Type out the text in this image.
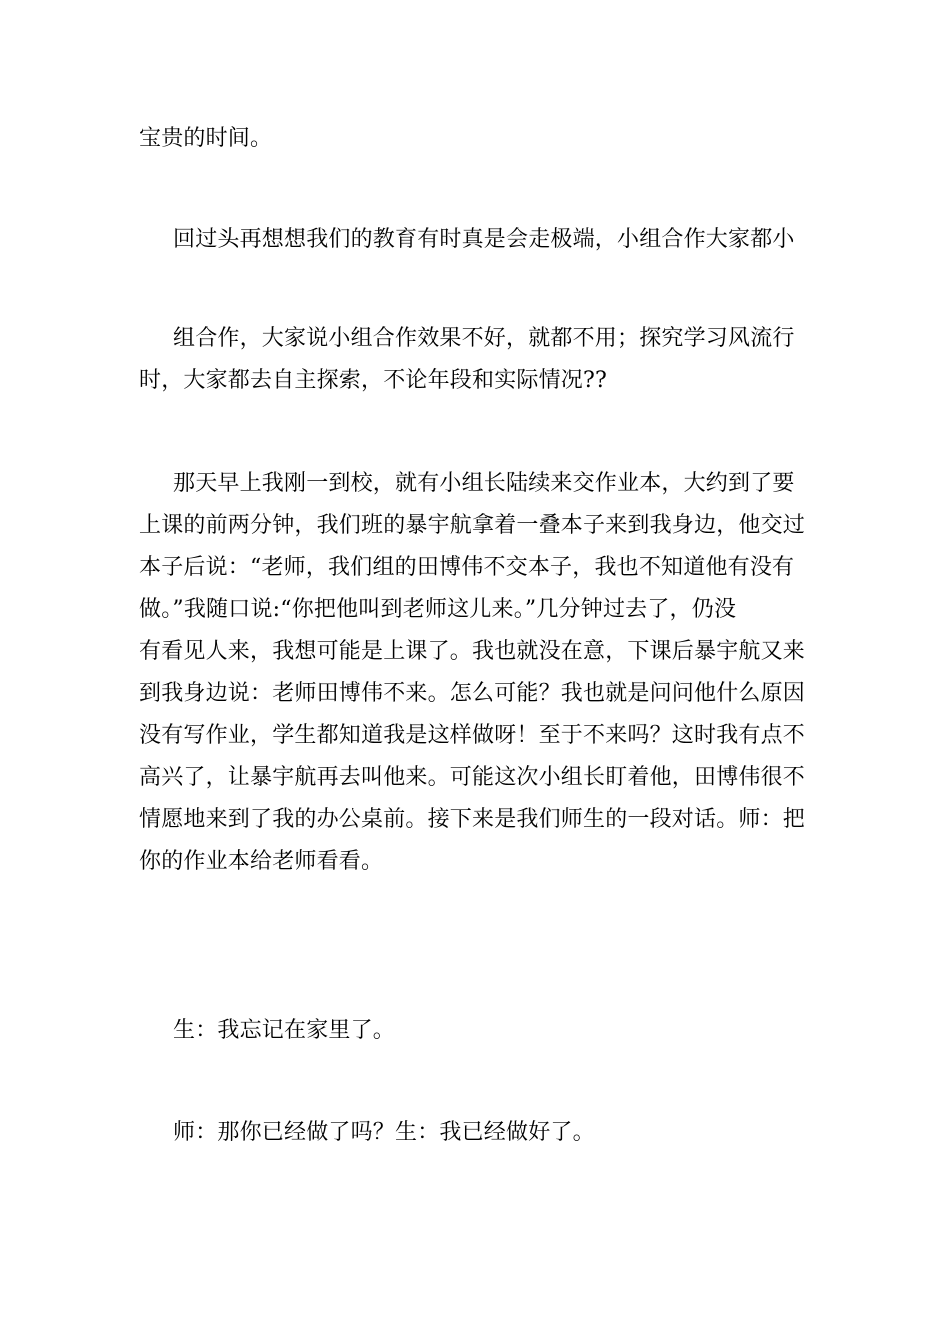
宝贵的时间。

回过头再想想我们的教育有时真是会走极端，小组合作大家都小

组合作，大家说小组合作效果不好，就都不用；探究学习风流行
时，大家都去自主探索，不论年段和实际情况??

那天早上我刚一到校，就有小组长陆续来交作业本，大约到了要
上课的前两分钟，我们班的暴宇航拿着一叠本子来到我身边，他交过
本子后说：“老师，我们组的田博伟不交本子，我也不知道他有没有
做。”我随口说:“你把他叫到老师这儿来。”几分钟过去了，仍没
有看见人来，我想可能是上课了。我也就没在意，下课后暴宇航又来
到我身边说：老师田博伟不来。怎么可能？我也就是问问他什么原因
没有写作业，学生都知道我是这样做呀！至于不来吗？这时我有点不
高兴了，让暴宇航再去叫他来。可能这次小组长盯着他，田博伟很不
情愿地来到了我的办公桌前。接下来是我们师生的一段对话。师：把
你的作业本给老师看看。

生：我忘记在家里了。

师：那你已经做了吗？生：我已经做好了。
